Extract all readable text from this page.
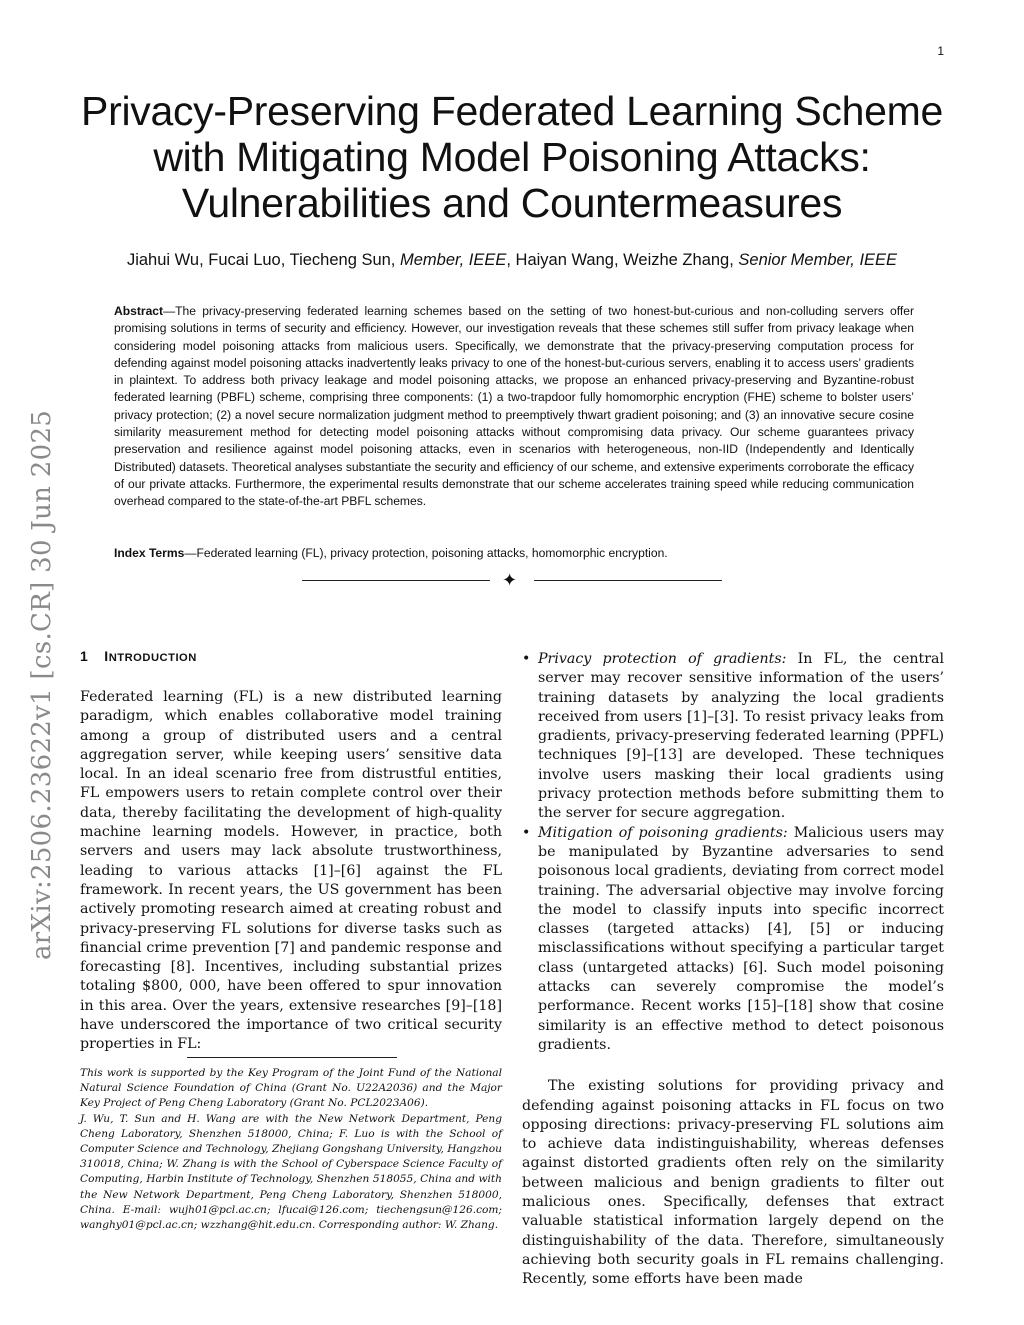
1
Privacy-Preserving Federated Learning Scheme
with Mitigating Model Poisoning Attacks:
Vulnerabilities and Countermeasures
Jiahui Wu, Fucai Luo, Tiecheng Sun, Member, IEEE, Haiyan Wang, Weizhe Zhang, Senior Member, IEEE

Abstract—The privacy-preserving federated learning schemes based on the setting of two honest-but-curious and non-colluding servers offer promising solutions in terms of security and efficiency. However, our investigation reveals that these schemes still suffer from privacy leakage when considering model poisoning attacks from malicious users. Specifically, we demonstrate that the privacy-preserving computation process for defending against model poisoning attacks inadvertently leaks privacy to one of the honest-but-curious servers, enabling it to access users’ gradients in plaintext. To address both privacy leakage and model poisoning attacks, we propose an enhanced privacy-preserving and Byzantine-robust federated learning (PBFL) scheme, comprising three components: (1) a two-trapdoor fully homomorphic encryption (FHE) scheme to bolster users’ privacy protection; (2) a novel secure normalization judgment method to preemptively thwart gradient poisoning; and (3) an innovative secure cosine similarity measurement method for detecting model poisoning attacks without compromising data privacy. Our scheme guarantees privacy preservation and resilience against model poisoning attacks, even in scenarios with heterogeneous, non-IID (Independently and Identically Distributed) datasets. Theoretical analyses substantiate the security and efficiency of our scheme, and extensive experiments corroborate the efficacy of our private attacks. Furthermore, the experimental results demonstrate that our scheme accelerates training speed while reducing communication overhead compared to the state-of-the-art PBFL schemes.

Index Terms—Federated learning (FL), privacy protection, poisoning attacks, homomorphic encryption.
✦
arXiv:2506.23622v1 [cs.CR] 30 Jun 2025 1 INTRODUCTION

Federated learning (FL) is a new distributed learning paradigm, which enables collaborative model training among a group of distributed users and a central aggregation server, while keeping users’ sensitive data local. In an ideal scenario free from distrustful entities, FL empowers users to retain complete control over their data, thereby facilitating the development of high-quality machine learning models. However, in practice, both servers and users may lack absolute trustworthiness, leading to various attacks [1]–[6] against the FL framework. In recent years, the US government has been actively promoting research aimed at creating robust and privacy-preserving FL solutions for diverse tasks such as financial crime prevention [7] and pandemic response and forecasting [8]. Incentives, including substantial prizes totaling $800, 000, have been offered to spur innovation in this area. Over the years, extensive researches [9]–[18] have underscored the importance of two critical security properties in FL:

This work is supported by the Key Program of the Joint Fund of the National Natural Science Foundation of China (Grant No. U22A2036) and the Major Key Project of Peng Cheng Laboratory (Grant No. PCL2023A06).

J. Wu, T. Sun and H. Wang are with the New Network Department, Peng Cheng Laboratory, Shenzhen 518000, China; F. Luo is with the School of Computer Science and Technology, Zhejiang Gongshang University, Hangzhou 310018, China; W. Zhang is with the School of Cyberspace Science Faculty of Computing, Harbin Institute of Technology, Shenzhen 518055, China and with the New Network Department, Peng Cheng Laboratory, Shenzhen 518000, China. E-mail: wujh01@pcl.ac.cn; lfucai@126.com; tiechengsun@126.com; wanghy01@pcl.ac.cn; wzzhang@hit.edu.cn. Corresponding author: W. Zhang.

• Privacy protection of gradients: In FL, the central server may recover sensitive information of the users’ training datasets by analyzing the local gradients received from users [1]–[3]. To resist privacy leaks from gradients, privacy-preserving federated learning (PPFL) techniques [9]–[13] are developed. These techniques involve users masking their local gradients using privacy protection methods before submitting them to the server for secure aggregation.
• Mitigation of poisoning gradients: Malicious users may be manipulated by Byzantine adversaries to send poisonous local gradients, deviating from correct model training. The adversarial objective may involve forcing the model to classify inputs into specific incorrect classes (targeted attacks) [4], [5] or inducing misclassifications without specifying a particular target class (untargeted attacks) [6]. Such model poisoning attacks can severely compromise the model’s performance. Recent works [15]–[18] show that cosine similarity is an effective method to detect poisonous gradients.

The existing solutions for providing privacy and defending against poisoning attacks in FL focus on two opposing directions: privacy-preserving FL solutions aim to achieve data indistinguishability, whereas defenses against distorted gradients often rely on the similarity between malicious and benign gradients to filter out malicious ones. Specifically, defenses that extract valuable statistical information largely depend on the distinguishability of the data. Therefore, simultaneously achieving both security goals in FL remains challenging. Recently, some efforts have been made
